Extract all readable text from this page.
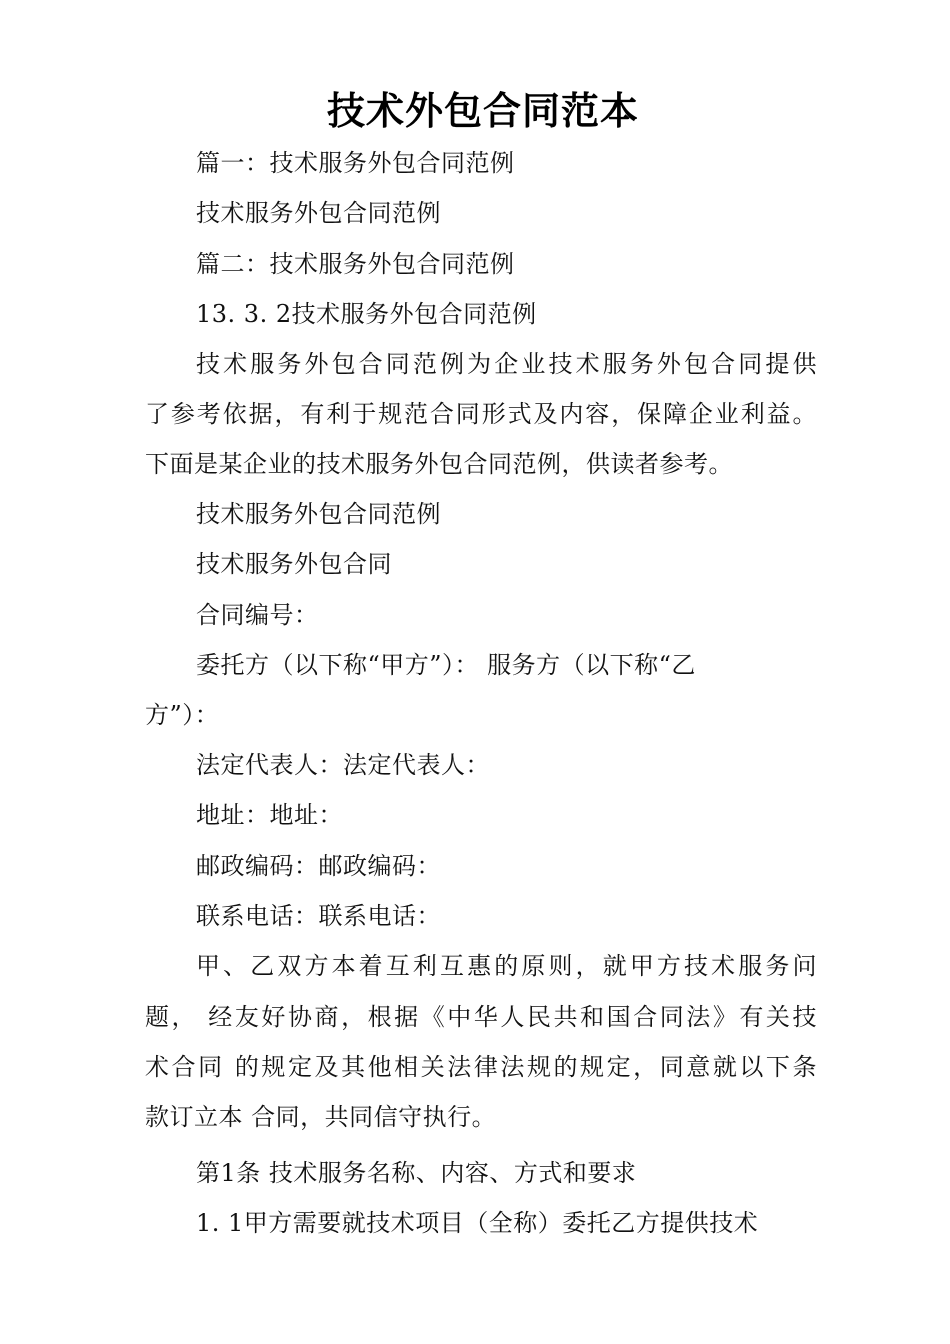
技术外包合同范本
篇一：技术服务外包合同范例
技术服务外包合同范例
篇二：技术服务外包合同范例
13. 3. 2技术服务外包合同范例
技术服务外包合同范例为企业技术服务外包合同提供
了参考依据，有利于规范合同形式及内容，保障企业利益。
下面是某企业的技术服务外包合同范例，供读者参考。
技术服务外包合同范例
技术服务外包合同
合同编号：
委托方（以下称“甲方”）： 服务方（以下称“乙
方”）：
法定代表人：法定代表人：
地址：地址：
邮政编码：邮政编码：
联系电话：联系电话：
甲、乙双方本着互利互惠的原则，就甲方技术服务问
题， 经友好协商，根据《中华人民共和国合同法》有关技
术合同 的规定及其他相关法律法规的规定，同意就以下条
款订立本 合同，共同信守执行。
第1条 技术服务名称、内容、方式和要求
1. 1甲方需要就技术项目（全称）委托乙方提供技术
